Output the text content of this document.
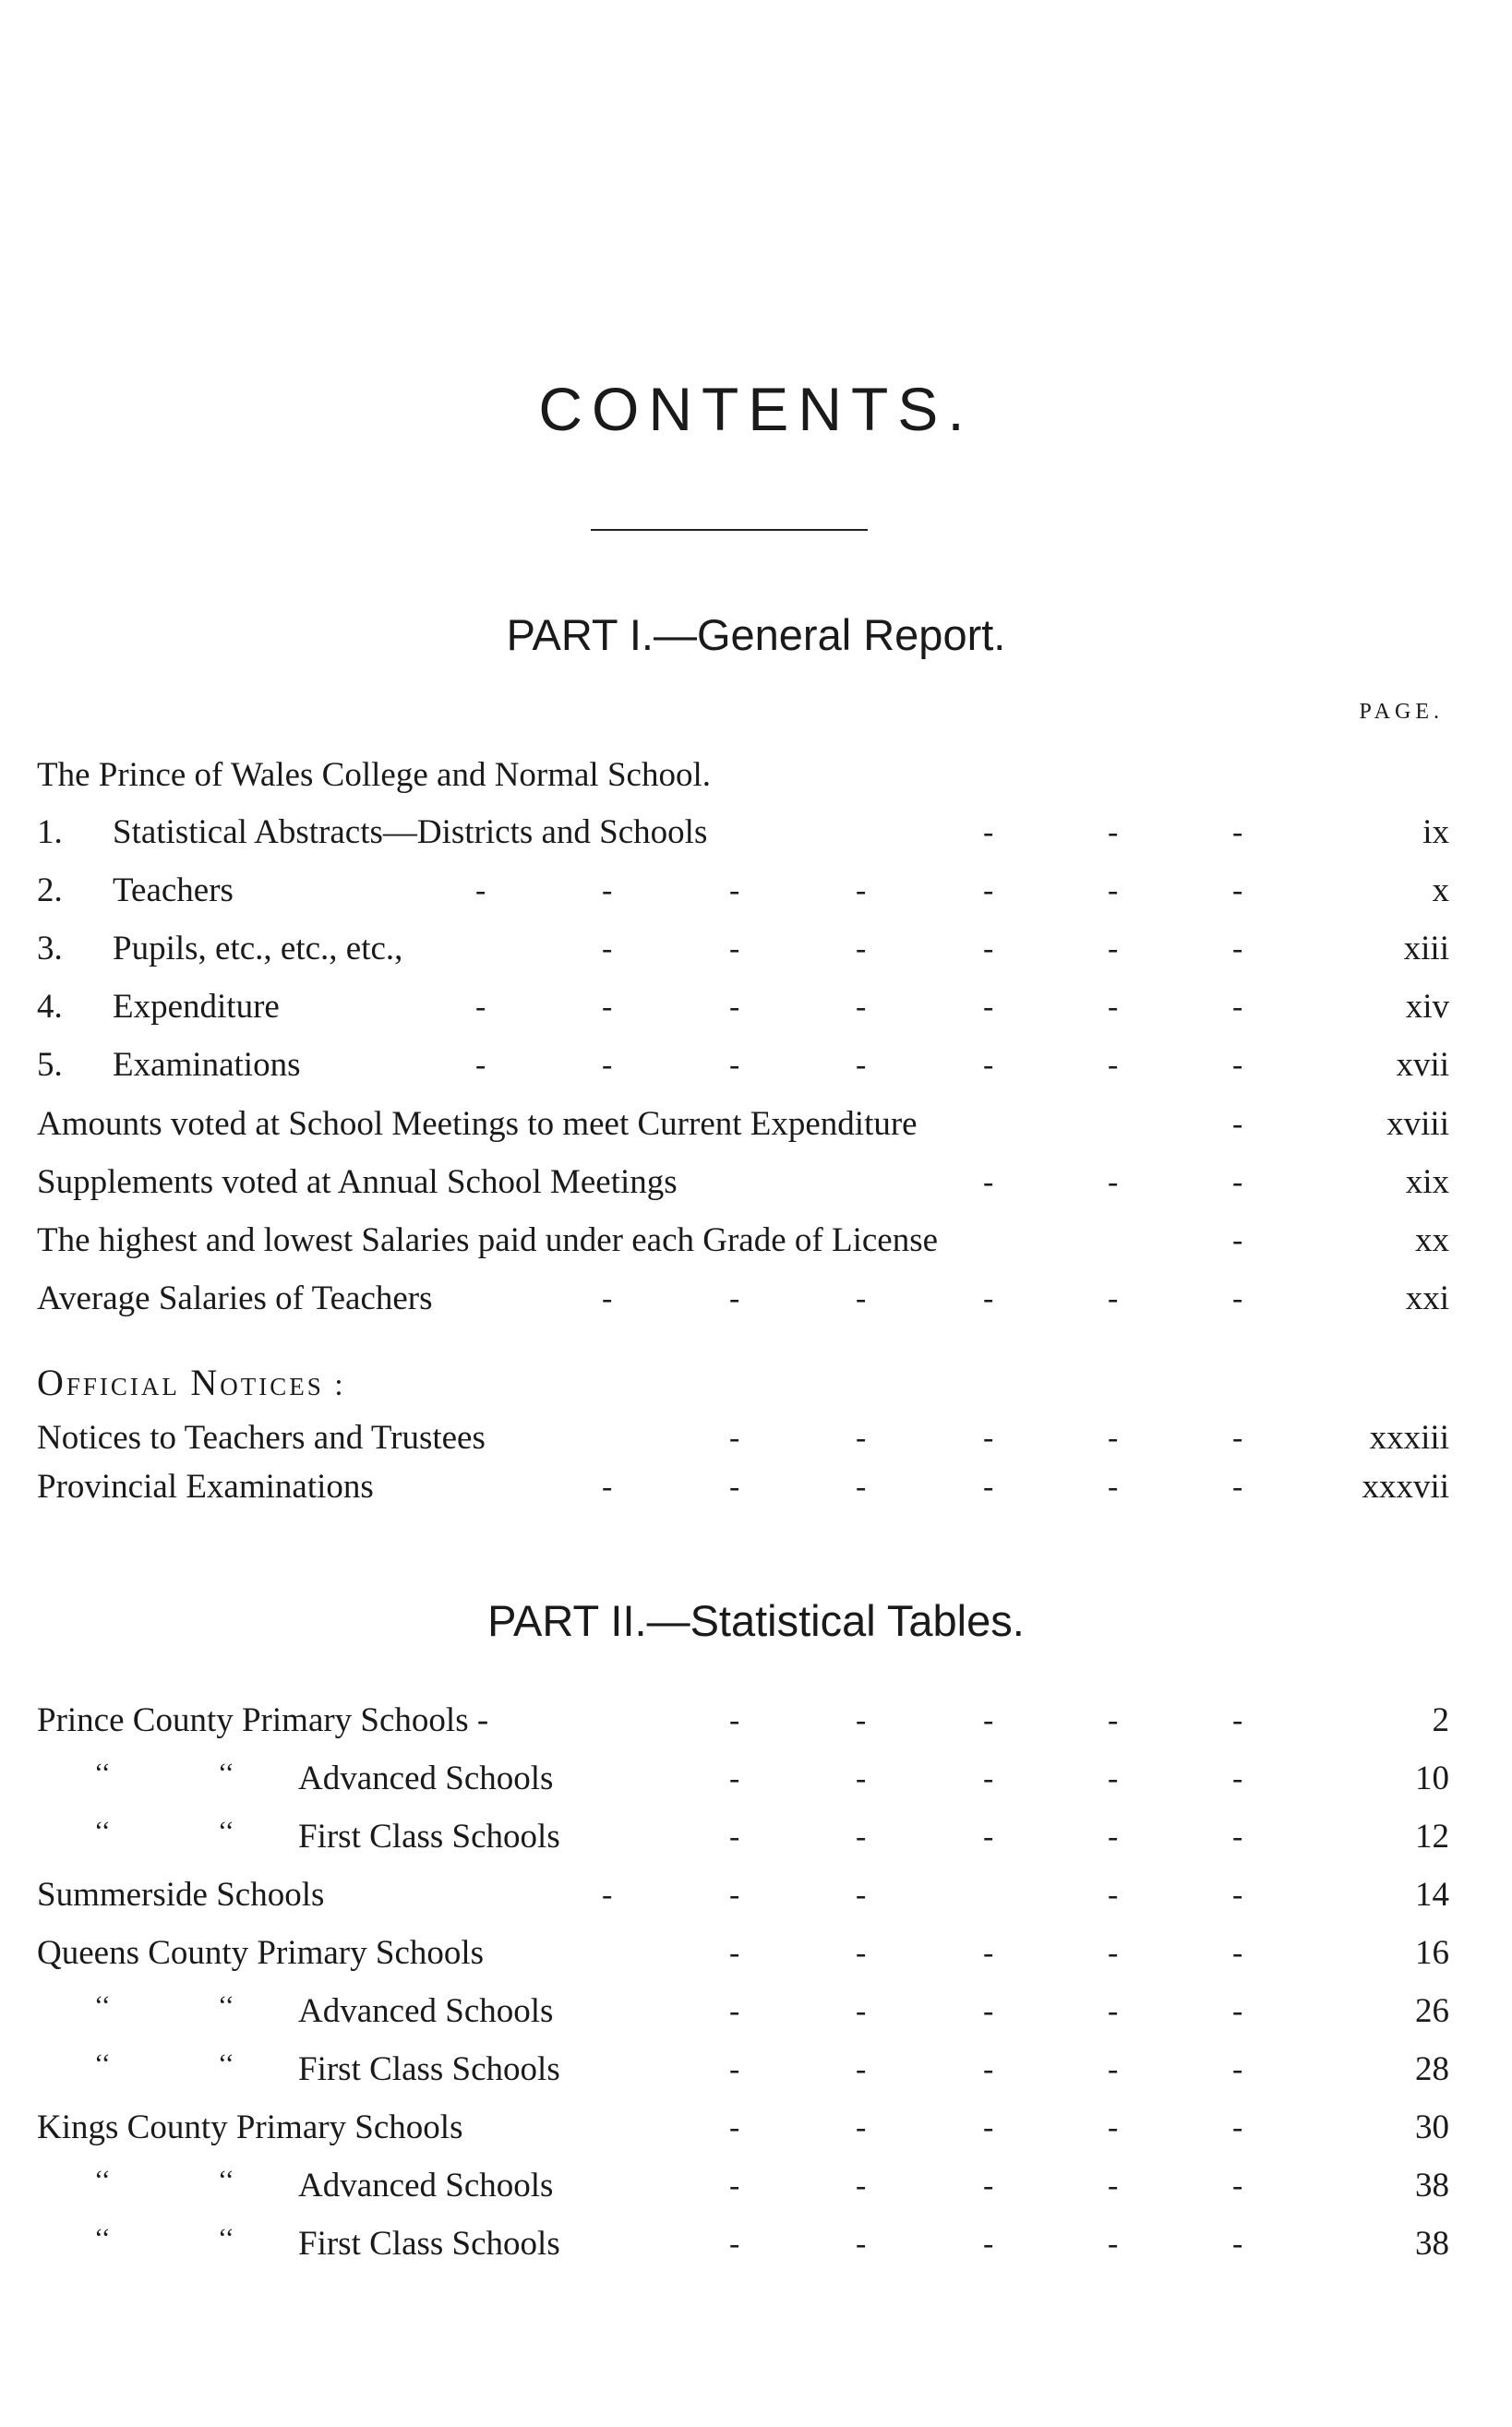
CONTENTS.
PART I.—General Report.
PAGE.
The Prince of Wales College and Normal School.
1.	Statistical Abstracts—Districts and Schools	-	-	-	ix
2.	Teachers	-	-	-	-	-	-	-	x
3.	Pupils, etc., etc., etc.,	-	-	-	-	-	-	xiii
4.	Expenditure	-	-	-	-	-	-	-	xiv
5.	Examinations	-	-	-	-	-	-	-	xvii
Amounts voted at School Meetings to meet Current Expenditure	-	xviii
Supplements voted at Annual School Meetings	-	-	-	xix
The highest and lowest Salaries paid under each Grade of License	-	xx
Average Salaries of Teachers	-	-	-	-	-	-	xxi
OFFICIAL NOTICES :
Notices to Teachers and Trustees	-	-	-	-	-	xxxiii
Provincial Examinations	-	-	-	-	-	-	xxxvii
PART II.—Statistical Tables.
Prince County Primary Schools -	-	-	-	-	-	2
‘‘	‘‘ Advanced Schools	-	-	-	-	-	10
‘‘	‘‘ First Class Schools	-	-	-	-	-	12
Summerside Schools	-	-	-	-	-	14
Queens County Primary Schools	-	-	-	-	-	16
‘‘	‘‘ Advanced Schools	-	-	-	-	-	26
‘‘	‘‘ First Class Schools	-	-	-	-	-	28
Kings County Primary Schools	-	-	-	-	-	30
‘‘	‘‘ Advanced Schools	-	-	-	-	-	38
‘‘	‘‘ First Class Schools	-	-	-	-	-	38
